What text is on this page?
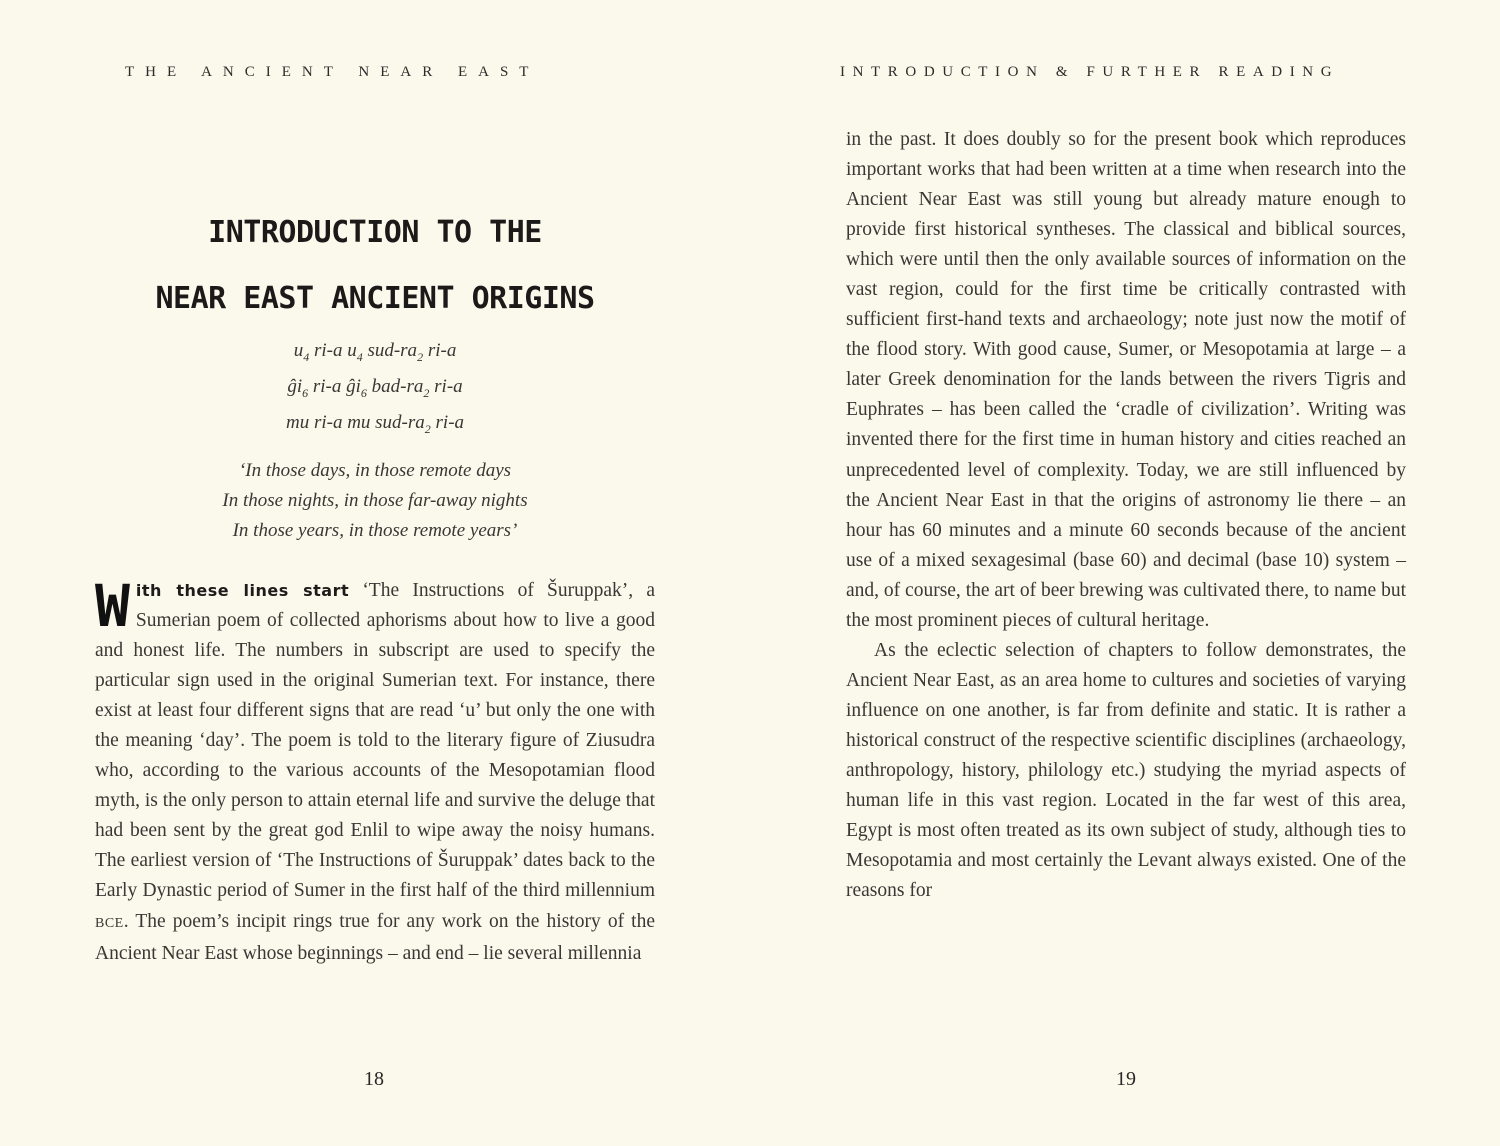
THE ANCIENT NEAR EAST
INTRODUCTION TO THE
NEAR EAST ANCIENT ORIGINS
$u_4$ ri-a $u_4$ sud-$ra_2$ ri-a
$ĝi_6$ ri-a $ĝi_6$ bad-$ra_2$ ri-a
mu ri-a mu sud-$ra_2$ ri-a
‘In those days, in those remote days
In those nights, in those far-away nights
In those years, in those remote years’

With these lines start ‘The Instructions of Šuruppak’, a Sumerian poem of collected aphorisms about how to live a good and honest life. The numbers in subscript are used to specify the particular sign used in the original Sumerian text. For instance, there exist at least four different signs that are read ‘u’ but only the one with the meaning ‘day’. The poem is told to the literary figure of Ziusudra who, according to the various accounts of the Mesopotamian flood myth, is the only person to attain eternal life and survive the deluge that had been sent by the great god Enlil to wipe away the noisy humans. The earliest version of ‘The Instructions of Šuruppak’ dates back to the Early Dynastic period of Sumer in the first half of the third millennium BCE. The poem’s incipit rings true for any work on the history of the Ancient Near East whose beginnings – and end – lie several millennia

18
INTRODUCTION & FURTHER READING

in the past. It does doubly so for the present book which reproduces important works that had been written at a time when research into the Ancient Near East was still young but already mature enough to provide first historical syntheses. The classical and biblical sources, which were until then the only available sources of information on the vast region, could for the first time be critically contrasted with sufficient first-hand texts and archaeology; note just now the motif of the flood story. With good cause, Sumer, or Mesopotamia at large – a later Greek denomination for the lands between the rivers Tigris and Euphrates – has been called the ‘cradle of civilization’. Writing was invented there for the first time in human history and cities reached an unprecedented level of complexity. Today, we are still influenced by the Ancient Near East in that the origins of astronomy lie there – an hour has 60 minutes and a minute 60 seconds because of the ancient use of a mixed sexagesimal (base 60) and decimal (base 10) system – and, of course, the art of beer brewing was cultivated there, to name but the most prominent pieces of cultural heritage.

As the eclectic selection of chapters to follow demonstrates, the Ancient Near East, as an area home to cultures and societies of varying influence on one another, is far from definite and static. It is rather a historical construct of the respective scientific disciplines (archaeology, anthropology, history, philology etc.) studying the myriad aspects of human life in this vast region. Located in the far west of this area, Egypt is most often treated as its own subject of study, although ties to Mesopotamia and most certainly the Levant always existed. One of the reasons for

19
